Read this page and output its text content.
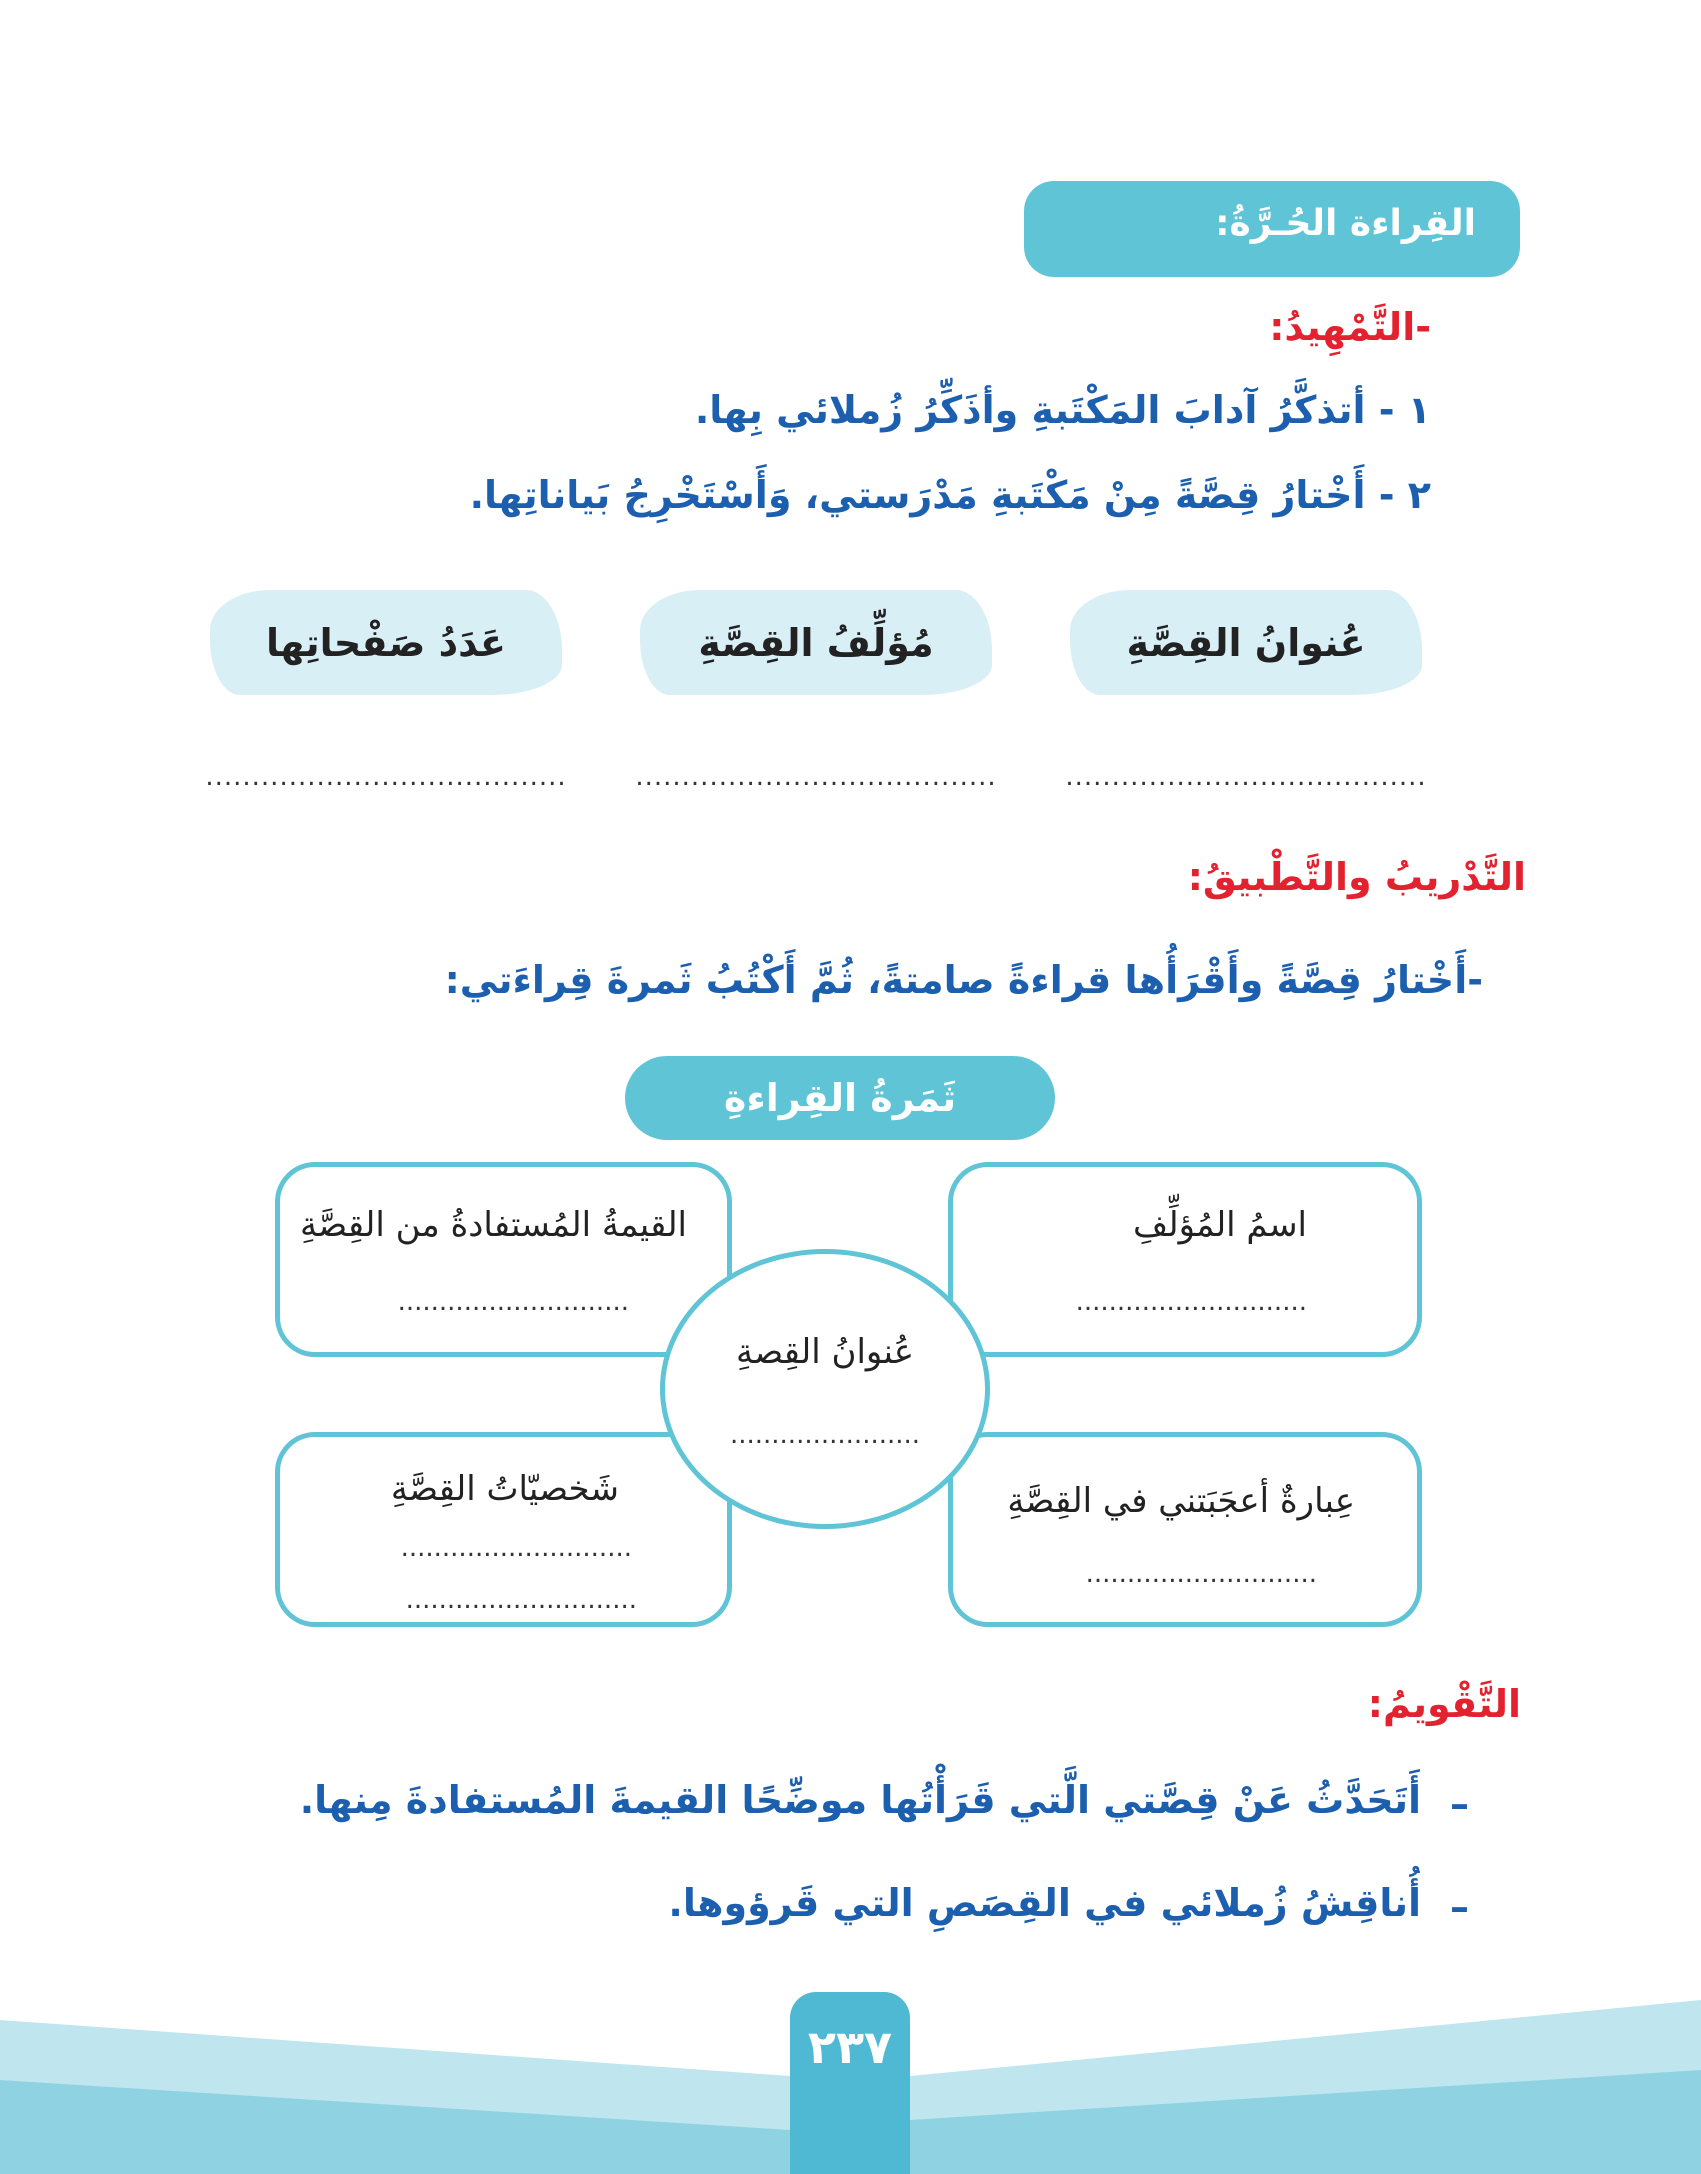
القِراءة الحُـرَّةُ:
-التَّمْهِيدُ:
١ - أتذكَّرُ آدابَ المَكْتَبةِ وأذَكِّرُ زُملائي بِها.
٢ - أَخْتارُ قِصَّةً مِنْ مَكْتَبةِ مَدْرَستي، وَأَسْتَخْرِجُ بَياناتِها.
عُنوانُ القِصَّةِ
مُؤلِّفُ القِصَّةِ
عَدَدُ صَفْحاتِها
.......................................
.......................................
.......................................
التَّدْريبُ والتَّطْبيقُ:
-أَخْتارُ قِصَّةً وأَقْرَأُها قراءةً صامتةً، ثُمَّ أَكْتُبُ ثَمرةَ قِراءَتي:
ثَمَرةُ القِراءةِ
القيمةُ المُستفادةُ من القِصَّةِ
............................
اسمُ المُؤلِّفِ
............................
شَخصيّاتُ القِصَّةِ
............................
............................
عِبارةٌ أعجَبَتني في القِصَّةِ
............................
عُنوانُ القِصةِ
.......................
التَّقْويمُ:
–
أَتَحَدَّثُ عَنْ قِصَّتي الَّتي قَرَأْتُها موضِّحًا القيمةَ المُستفادةَ مِنها.
–
أُناقِشُ زُملائي في القِصَصِ التي قَرؤوها.
٢٣٧
